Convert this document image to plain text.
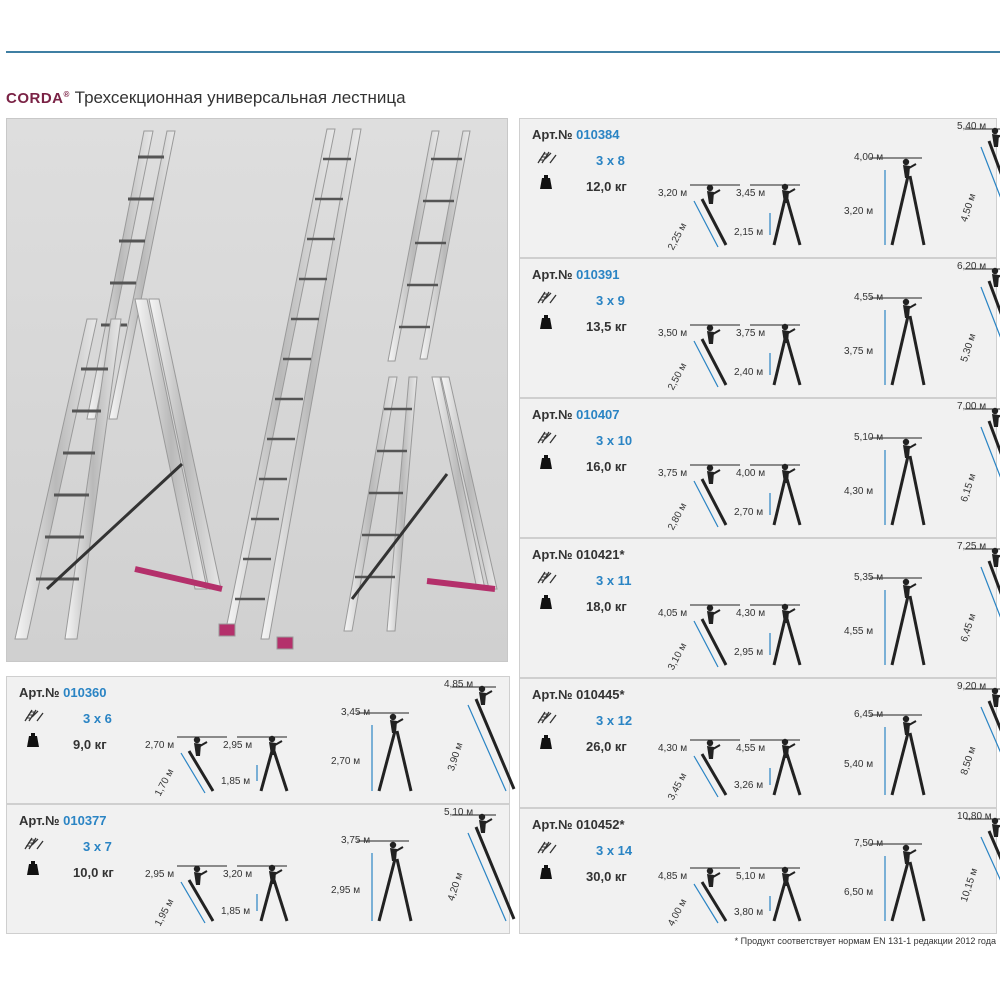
CORDA® Трехсекционная универсальная лестница
Арт.№ 010360
3 x 6
9,0 кг	2,70 м
1,70 м
2,95 м
1,85 м
3,45 м
2,70 м
4,85 м
3,90 м
Арт.№ 010377
3 x 7
10,0 кг	2,95 м
1,95 м
3,20 м
1,85 м
3,75 м
2,95 м
5,10 м
4,20 м
Арт.№ 010384
3 x 8
12,0 кг	3,20 м
2,25 м
3,45 м
2,15 м
4,00 м
3,20 м
5,40 м
4,50 м
Арт.№ 010391
3 x 9
13,5 кг	3,50 м
2,50 м
3,75 м
2,40 м
4,55 м
3,75 м
6,20 м
5,30 м
Арт.№ 010407
3 x 10
16,0 кг	3,75 м
2,80 м
4,00 м
2,70 м
5,10 м
4,30 м
7,00 м
6,15 м
Арт.№ 010421*
3 x 11
18,0 кг	4,05 м
3,10 м
4,30 м
2,95 м
5,35 м
4,55 м
7,25 м
6,45 м
Арт.№ 010445*
3 x 12
26,0 кг	4,30 м
3,45 м
4,55 м
3,26 м
6,45 м
5,40 м
9,20 м
8,50 м
Арт.№ 010452*
3 x 14
30,0 кг	4,85 м
4,00 м
5,10 м
3,80 м
7,50 м
6,50 м
10,80 м
10,15 м
* Продукт соответствует нормам EN 131-1 редакции 2012 года
